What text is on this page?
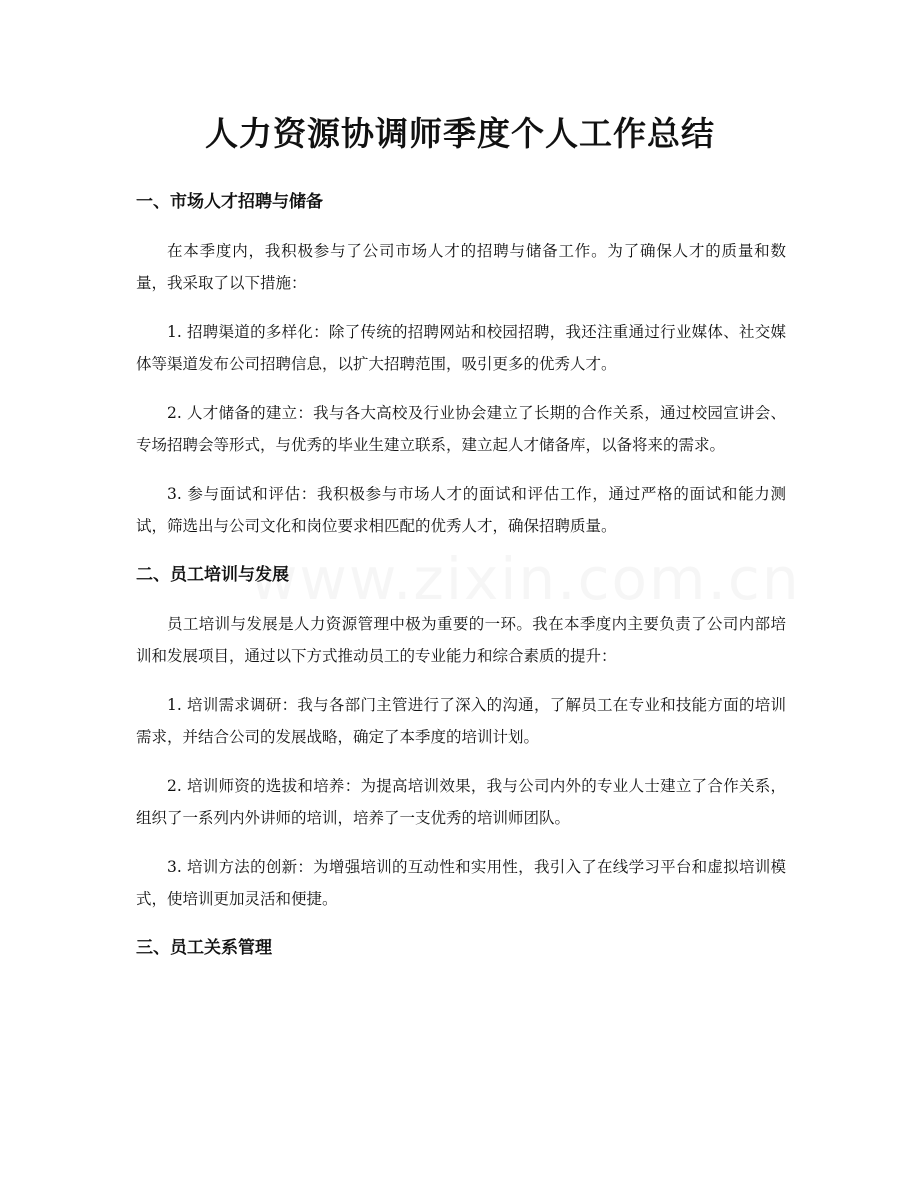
www.zixin.com.cn
人力资源协调师季度个人工作总结
一、市场人才招聘与储备

在本季度内，我积极参与了公司市场人才的招聘与储备工作。为了确保人才的质量和数量，我采取了以下措施：

1. 招聘渠道的多样化：除了传统的招聘网站和校园招聘，我还注重通过行业媒体、社交媒体等渠道发布公司招聘信息，以扩大招聘范围，吸引更多的优秀人才。

2. 人才储备的建立：我与各大高校及行业协会建立了长期的合作关系，通过校园宣讲会、专场招聘会等形式，与优秀的毕业生建立联系，建立起人才储备库，以备将来的需求。

3. 参与面试和评估：我积极参与市场人才的面试和评估工作，通过严格的面试和能力测试，筛选出与公司文化和岗位要求相匹配的优秀人才，确保招聘质量。

二、员工培训与发展

员工培训与发展是人力资源管理中极为重要的一环。我在本季度内主要负责了公司内部培训和发展项目，通过以下方式推动员工的专业能力和综合素质的提升：

1. 培训需求调研：我与各部门主管进行了深入的沟通，了解员工在专业和技能方面的培训需求，并结合公司的发展战略，确定了本季度的培训计划。

2. 培训师资的选拔和培养：为提高培训效果，我与公司内外的专业人士建立了合作关系，组织了一系列内外讲师的培训，培养了一支优秀的培训师团队。

3. 培训方法的创新：为增强培训的互动性和实用性，我引入了在线学习平台和虚拟培训模式，使培训更加灵活和便捷。

三、员工关系管理
